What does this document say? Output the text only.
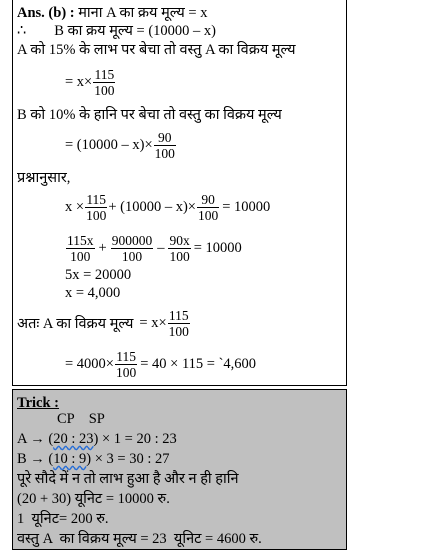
Ans. (b) : माना A का क्रय मूल्य = x
∴ B का क्रय मूल्य = (10000 – x)
A को 15% के लाभ पर बेचा तो वस्तु A का विक्रय मूल्य
= $x\times \frac{115}{100}$
B को 10% के हानि पर बेचा तो वस्तु का विक्रय मूल्य
= $(10000 - x)\times \frac{90}{100}$
प्रश्नानुसार,
$x \times \frac{115}{100} + (10000 - x)\times \frac{90}{100} = 10000$
$\frac{115x}{100} + \frac{900000}{100} - \frac{90x}{100} = 10000$
5x = 20000
x = 4,000
अतः A का विक्रय मूल्य = $x\times \frac{115}{100}$
= $4000\times \frac{115}{100} = 40 \times 115$ = `4,600
Trick :
CP    SP
A → (20 : 23) × 1 = 20 : 23
B → (10 : 9) × 3 = 30 : 27
पूरे सौदे में न तो लाभ हुआ है और न ही हानि
(20 + 30) यूनिट = 10000 रु.
1  यूनिट= 200 रु.
वस्तु A  का विक्रय मूल्य = 23  यूनिट = 4600 रु.
